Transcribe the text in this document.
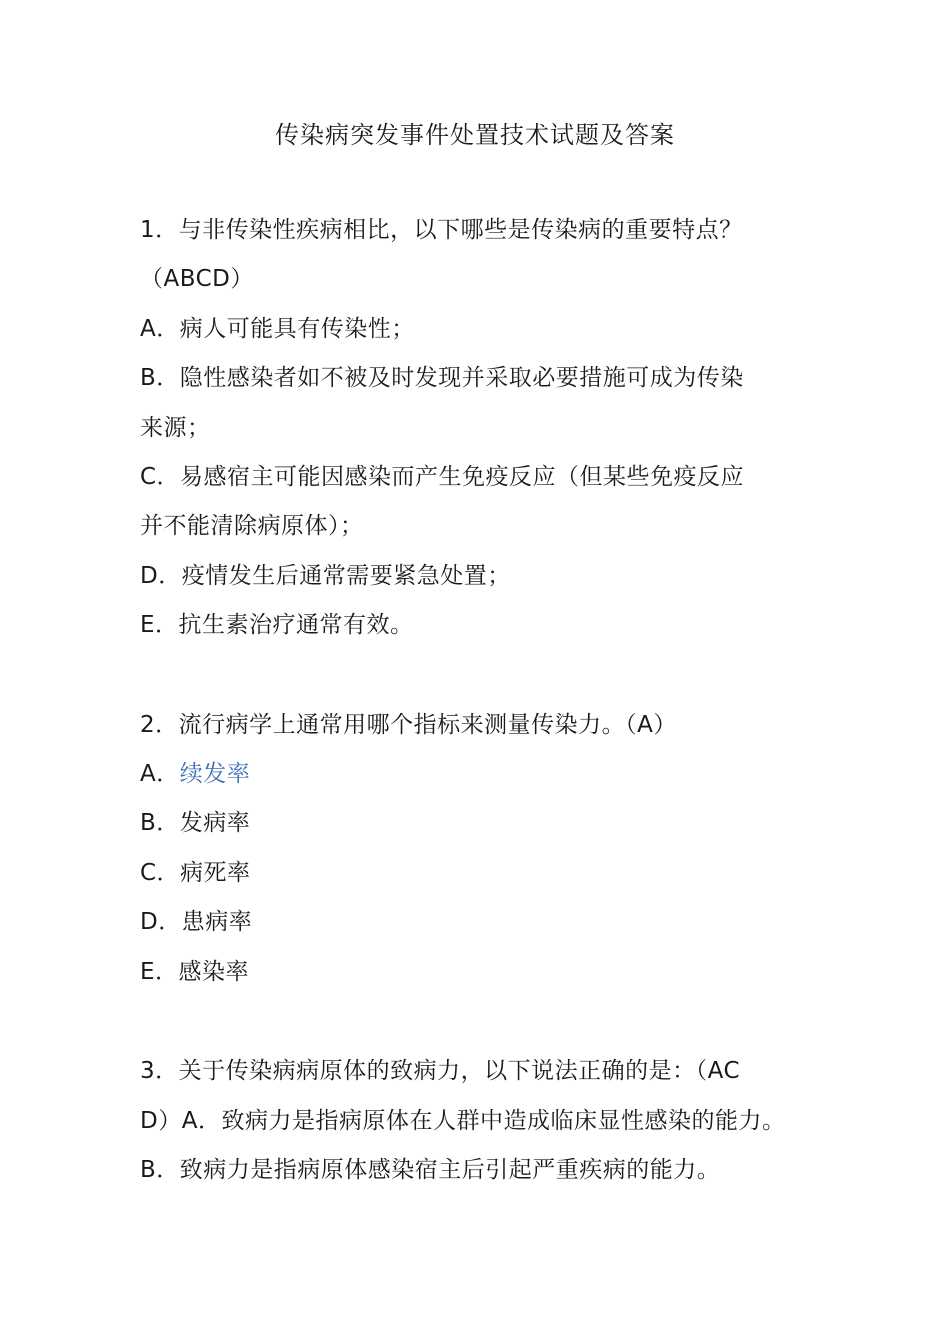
传染病突发事件处置技术试题及答案
1．与非传染性疾病相比，以下哪些是传染病的重要特点？
（ABCD）
A．病人可能具有传染性；
B．隐性感染者如不被及时发现并采取必要措施可成为传染
来源；
C．易感宿主可能因感染而产生免疫反应（但某些免疫反应
并不能清除病原体）；
D．疫情发生后通常需要紧急处置；
E．抗生素治疗通常有效。
2．流行病学上通常用哪个指标来测量传染力。（A）
A．续发率
B．发病率
C．病死率
D．患病率
E．感染率
3．关于传染病病原体的致病力，以下说法正确的是：（AC
D）A．致病力是指病原体在人群中造成临床显性感染的能力。
B．致病力是指病原体感染宿主后引起严重疾病的能力。
